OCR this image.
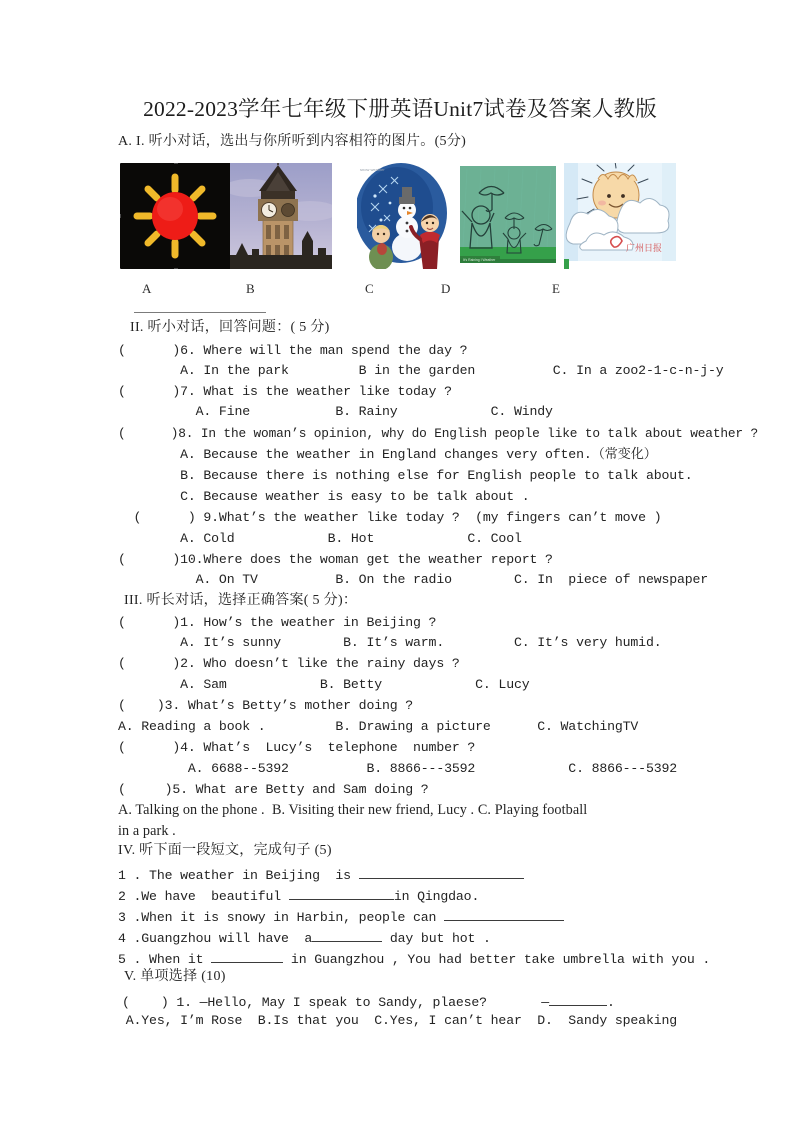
2022-2023学年七年级下册英语Unit7试卷及答案人教版
A. I. 听小对话，选出与你所听到内容相符的图片。(5分)
snow weather
It's Raining I Weather
广州日报
A	B	C	D	E
II. 听小对话，回答问题：( 5 分)
(      )6. Where will the man spend the day ?
A. In the park         B in the garden          C. In a zoo2-1-c-n-j-y
(      )7. What is the weather like today ?
A. Fine           B. Rainy            C. Windy
(      )8. In the woman’s opinion, why do English people like to talk about weather ?
A. Because the weather in England changes very often.（常变化）
B. Because there is nothing else for English people to talk about.
C. Because weather is easy to be talk about .
(      ) 9.What’s the weather like today ?  (my fingers can’t move )
A. Cold            B. Hot            C. Cool
(      )10.Where does the woman get the weather report ?
A. On TV          B. On the radio        C. In  piece of newspaper
III. 听长对话，选择正确答案( 5 分)：
(      )1. How’s the weather in Beijing ?
A. It’s sunny        B. It’s warm.         C. It’s very humid.
(      )2. Who doesn’t like the rainy days ?
A. Sam            B. Betty            C. Lucy
(    )3. What’s Betty’s mother doing ?
A. Reading a book .         B. Drawing a picture      C. WatchingTV
(      )4. What’s  Lucy’s  telephone  number ?
A. 6688--5392          B. 8866---3592            C. 8866---5392
(     )5. What are Betty and Sam doing ?
A. Talking on the phone .  B. Visiting their new friend, Lucy . C. Playing football
in a park .
IV. 听下面一段短文，完成句子 (5)
1 . The weather in Beijing  is
2 .We have  beautiful	in Qingdao.
3 .When it is snowy in Harbin, people can
4 .Guangzhou will have  a	day but hot .
5 . When it	in Guangzhou , You had better take umbrella with you .
V. 单项选择 (10)
(    ) 1. —Hello, May I speak to Sandy, plaese?       —	.
A.Yes, I’m Rose  B.Is that you  C.Yes, I can’t hear  D.  Sandy speaking
